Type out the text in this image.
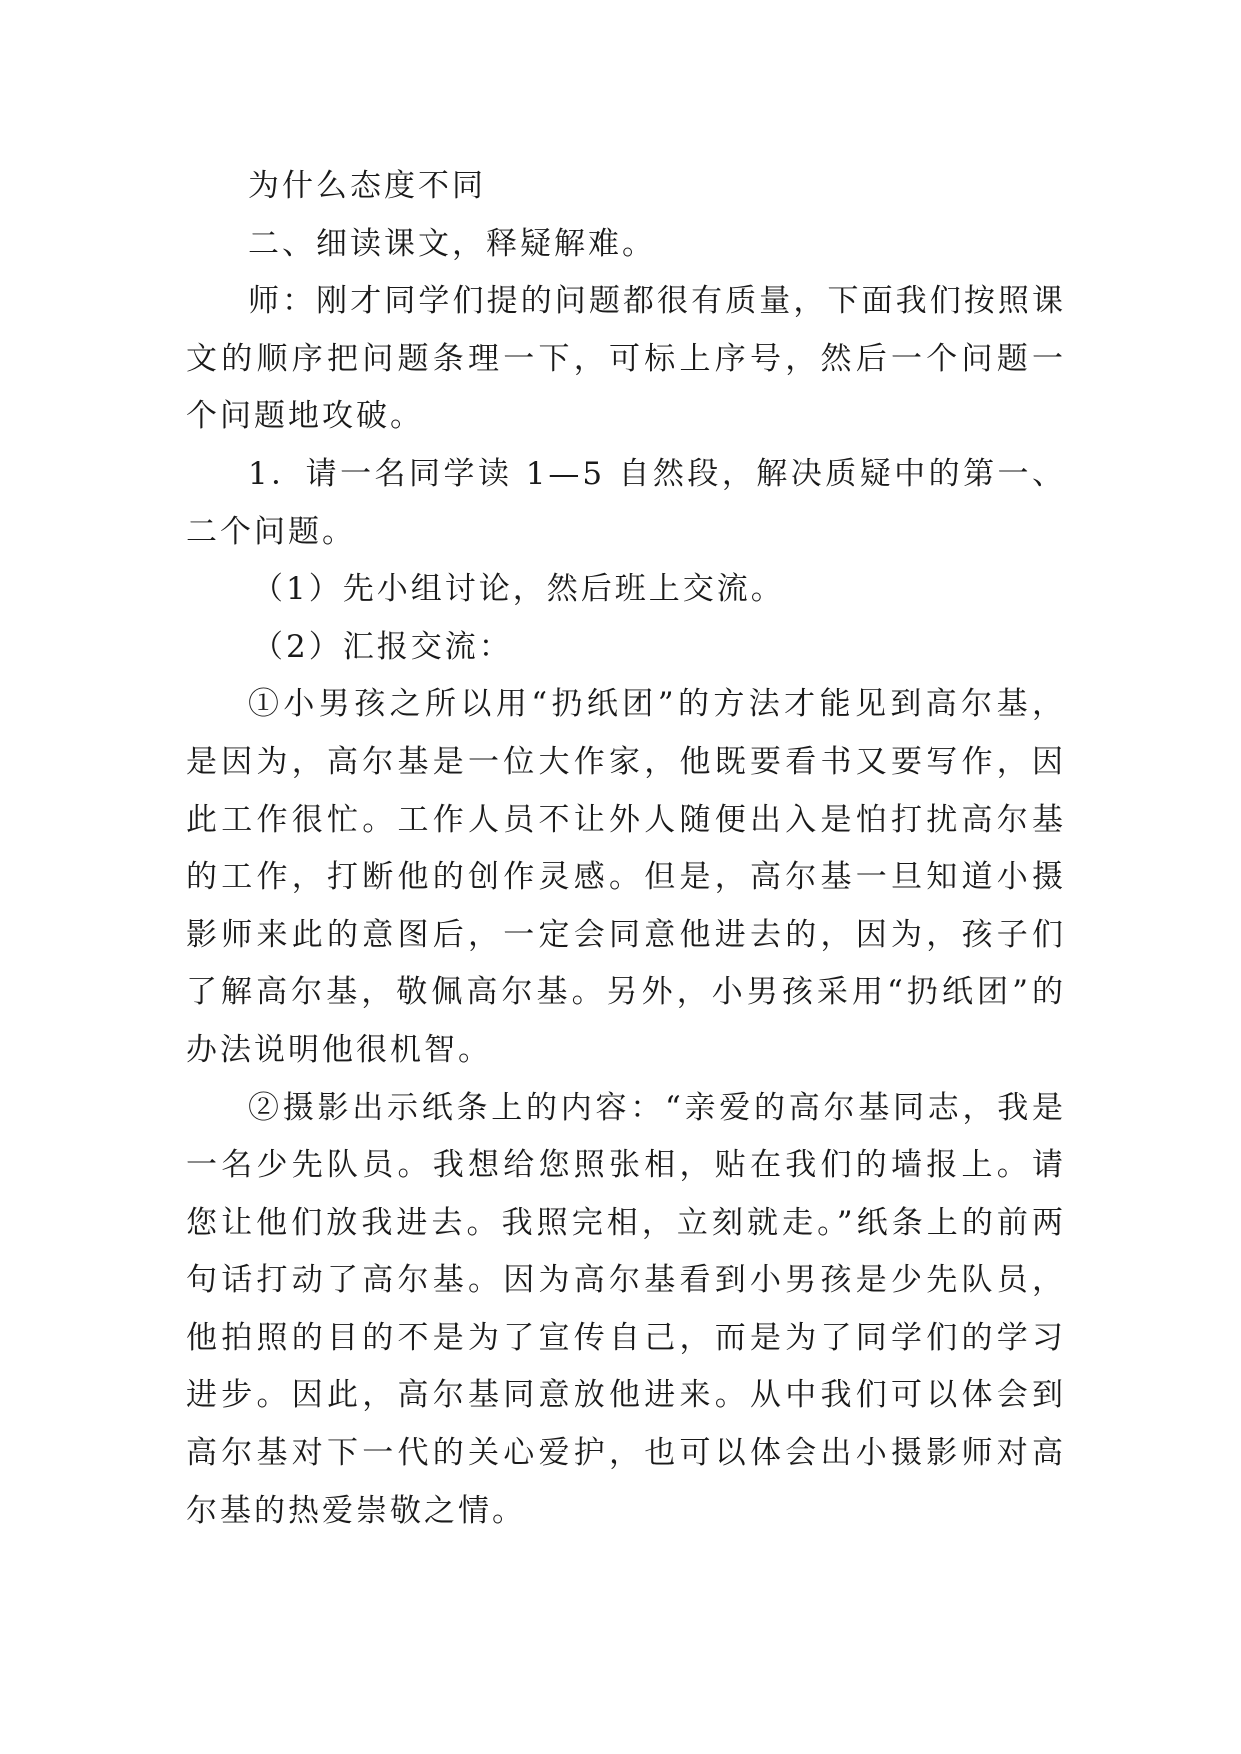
为什么态度不同

二、细读课文，释疑解难。

师：刚才同学们提的问题都很有质量，下面我们按照课文的顺序把问题条理一下，可标上序号，然后一个问题一个问题地攻破。

1．请一名同学读 1—5 自然段，解决质疑中的第一、二个问题。

（1）先小组讨论，然后班上交流。

（2）汇报交流：

①小男孩之所以用“扔纸团”的方法才能见到高尔基，是因为，高尔基是一位大作家，他既要看书又要写作，因此工作很忙。工作人员不让外人随便出入是怕打扰高尔基的工作，打断他的创作灵感。但是，高尔基一旦知道小摄影师来此的意图后，一定会同意他进去的，因为，孩子们了解高尔基，敬佩高尔基。另外，小男孩采用“扔纸团”的办法说明他很机智。

②摄影出示纸条上的内容：“亲爱的高尔基同志，我是一名少先队员。我想给您照张相，贴在我们的墙报上。请您让他们放我进去。我照完相，立刻就走。”纸条上的前两句话打动了高尔基。因为高尔基看到小男孩是少先队员，他拍照的目的不是为了宣传自己，而是为了同学们的学习进步。因此，高尔基同意放他进来。从中我们可以体会到高尔基对下一代的关心爱护，也可以体会出小摄影师对高尔基的热爱崇敬之情。
